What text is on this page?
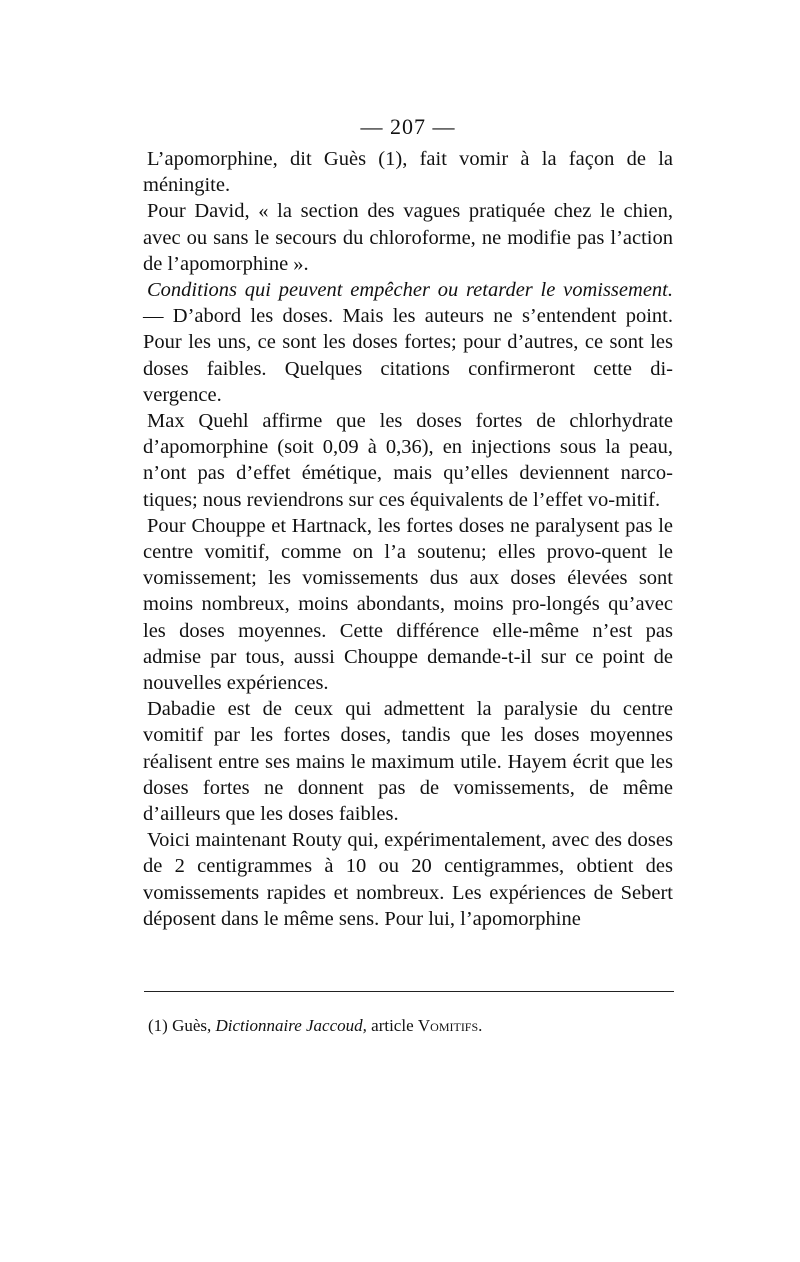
— 207 —

L’apomorphine, dit Guès (1), fait vomir à la façon de la méningite.

Pour David, « la section des vagues pratiquée chez le chien, avec ou sans le secours du chloroforme, ne modifie pas l’action de l’apomorphine ».

Conditions qui peuvent empêcher ou retarder le vomissement. — D’abord les doses. Mais les auteurs ne s’entendent point. Pour les uns, ce sont les doses fortes; pour d’autres, ce sont les doses faibles. Quelques citations confirmeront cette di-vergence.

Max Quehl affirme que les doses fortes de chlorhydrate d’apomorphine (soit 0,09 à 0,36), en injections sous la peau, n’ont pas d’effet émétique, mais qu’elles deviennent narco-tiques; nous reviendrons sur ces équivalents de l’effet vo-mitif.

Pour Chouppe et Hartnack, les fortes doses ne paralysent pas le centre vomitif, comme on l’a soutenu; elles provo-quent le vomissement; les vomissements dus aux doses élevées sont moins nombreux, moins abondants, moins pro-longés qu’avec les doses moyennes. Cette différence elle-même n’est pas admise par tous, aussi Chouppe demande-t-il sur ce point de nouvelles expériences.

Dabadie est de ceux qui admettent la paralysie du centre vomitif par les fortes doses, tandis que les doses moyennes réalisent entre ses mains le maximum utile. Hayem écrit que les doses fortes ne donnent pas de vomissements, de même d’ailleurs que les doses faibles.

Voici maintenant Routy qui, expérimentalement, avec des doses de 2 centigrammes à 10 ou 20 centigrammes, obtient des vomissements rapides et nombreux. Les expériences de Sebert déposent dans le même sens. Pour lui, l’apomorphine

(1) Guès, Dictionnaire Jaccoud, article Vomitifs.
